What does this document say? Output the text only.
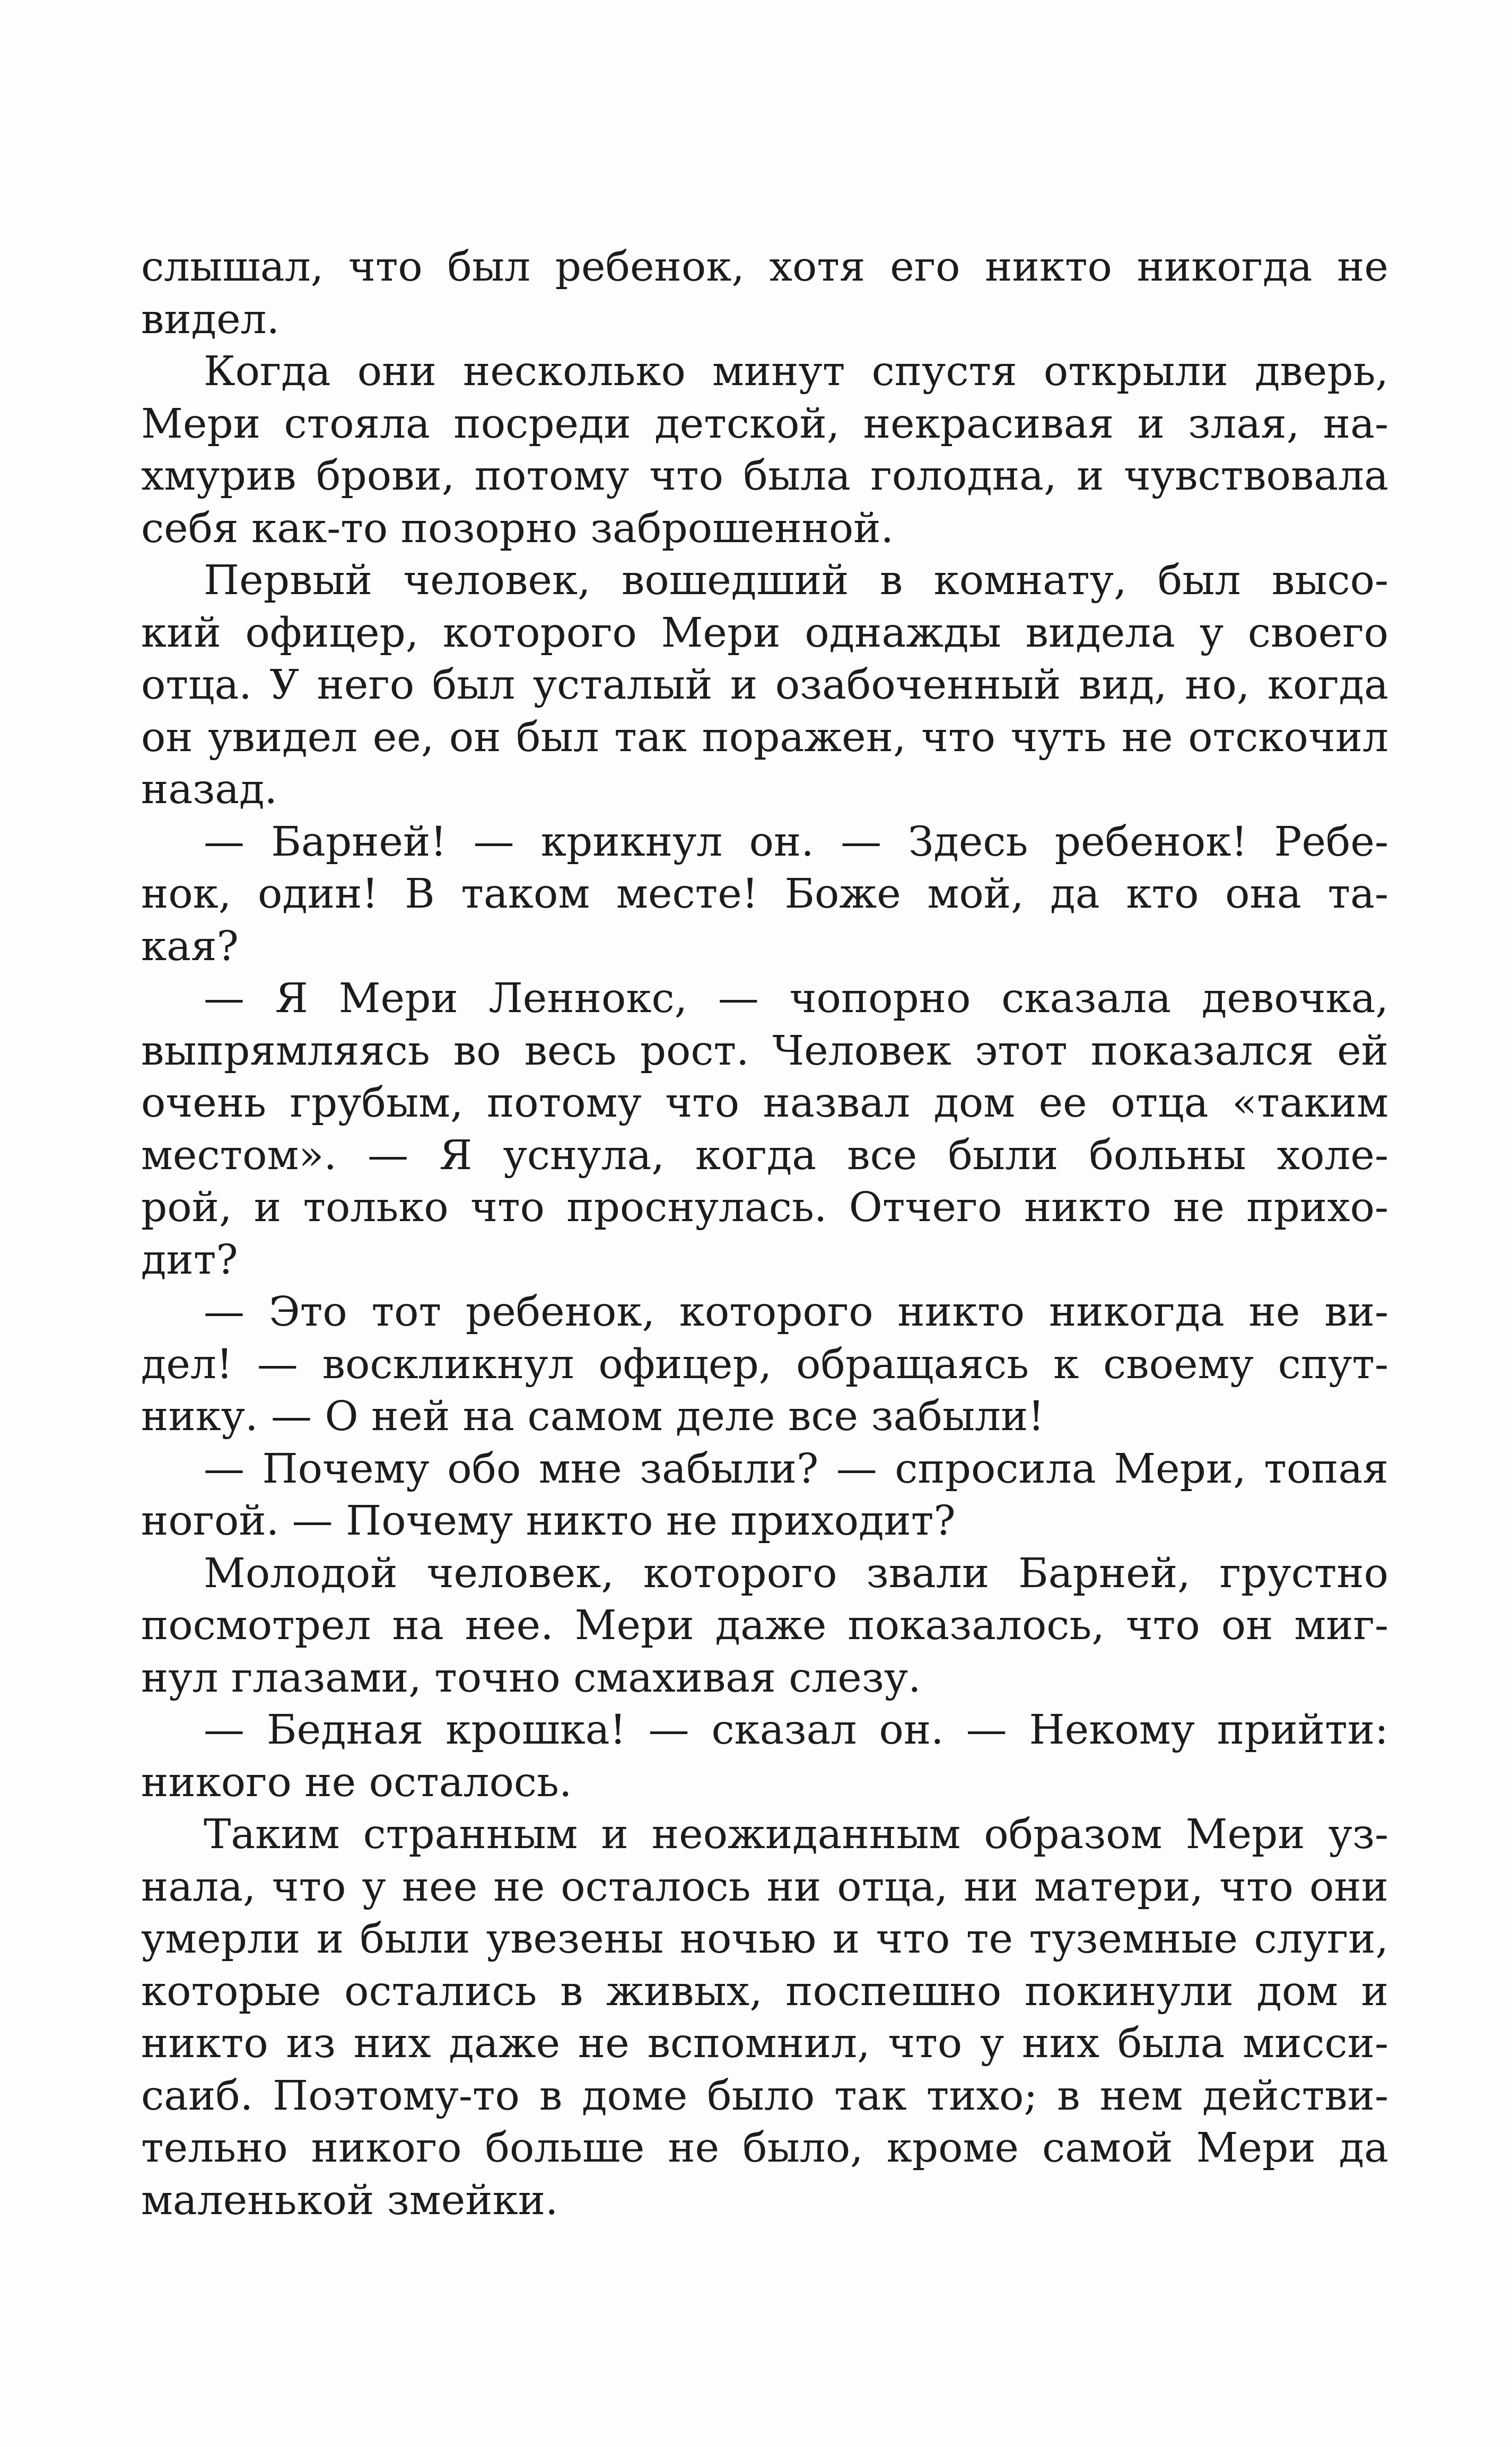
слышал, что был ребенок, хотя его никто никогда не
видел.

Когда они несколько минут спустя открыли дверь,
Мери стояла посреди детской, некрасивая и злая, на-
хмурив брови, потому что была голодна, и чувствовала
себя как-то позорно заброшенной.

Первый человек, вошедший в комнату, был высо-
кий офицер, которого Мери однажды видела у своего
отца. У него был усталый и озабоченный вид, но, когда
он увидел ее, он был так поражен, что чуть не отскочил
назад.

— Барней! — крикнул он. — Здесь ребенок! Ребе-
нок, один! В таком месте! Боже мой, да кто она та-
кая?

— Я Мери Леннокс, — чопорно сказала девочка,
выпрямляясь во весь рост. Человек этот показался ей
очень грубым, потому что назвал дом ее отца «таким
местом». — Я уснула, когда все были больны холе-
рой, и только что проснулась. Отчего никто не прихо-
дит?

— Это тот ребенок, которого никто никогда не ви-
дел! — воскликнул офицер, обращаясь к своему спут-
нику. — О ней на самом деле все забыли!

— Почему обо мне забыли? — спросила Мери, топая
ногой. — Почему никто не приходит?

Молодой человек, которого звали Барней, грустно
посмотрел на нее. Мери даже показалось, что он миг-
нул глазами, точно смахивая слезу.

— Бедная крошка! — сказал он. — Некому прийти:
никого не осталось.

Таким странным и неожиданным образом Мери уз-
нала, что у нее не осталось ни отца, ни матери, что они
умерли и были увезены ночью и что те туземные слуги,
которые остались в живых, поспешно покинули дом и
никто из них даже не вспомнил, что у них была мисси-
саиб. Поэтому-то в доме было так тихо; в нем действи-
тельно никого больше не было, кроме самой Мери да
маленькой змейки.
